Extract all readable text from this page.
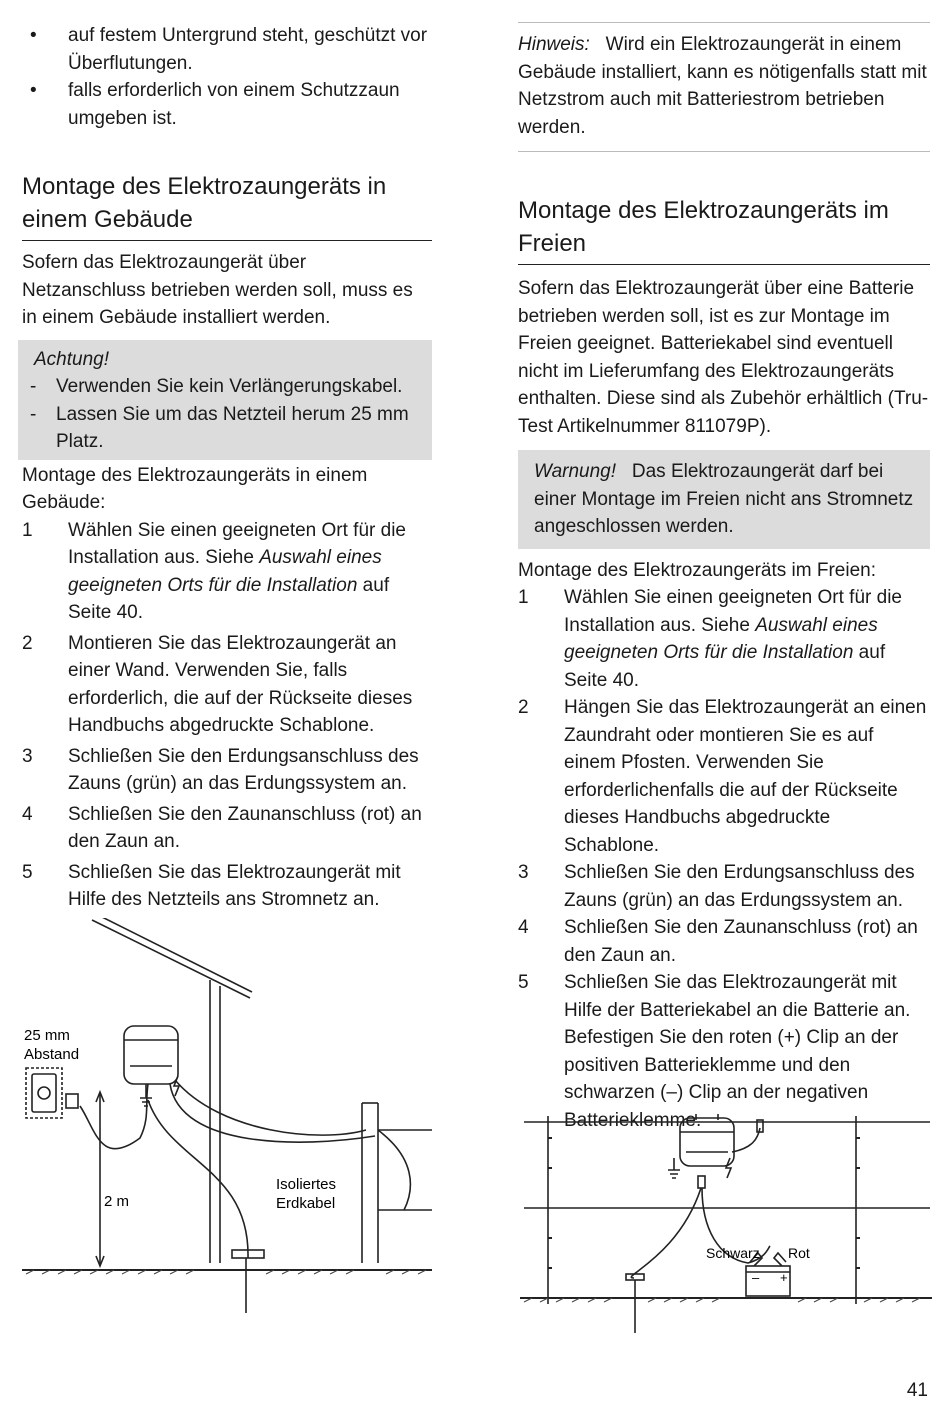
• auf festem Untergrund steht, geschützt vor Überflutungen.
• falls erforderlich von einem Schutzzaun umgeben ist.
Montage des Elektrozaungeräts in einem Gebäude

Sofern das Elektrozaungerät über Netzanschluss betrieben werden soll, muss es in einem Gebäude installiert werden.

Achtung!
- Verwenden Sie kein Verlängerungskabel.
- Lassen Sie um das Netzteil herum 25 mm Platz.

Montage des Elektrozaungeräts in einem Gebäude:

1 Wählen Sie einen geeigneten Ort für die Installation aus. Siehe Auswahl eines geeigneten Orts für die Installation auf Seite 40.
2 Montieren Sie das Elektrozaungerät an einer Wand. Verwenden Sie, falls erforderlich, die auf der Rückseite dieses Handbuchs abgedruckte Schablone.
3 Schließen Sie den Erdungsanschluss des Zauns (grün) an das Erdungssystem an.
4 Schließen Sie den Zaunanschluss (rot) an den Zaun an.
5 Schließen Sie das Elektrozaungerät mit Hilfe des Netzteils ans Stromnetz an.
25 mm
Abstand
2 m
Isoliertes
Erdkabel

Hinweis: Wird ein Elektrozaungerät in einem Gebäude installiert, kann es nötigenfalls statt mit Netzstrom auch mit Batteriestrom betrieben werden.

Montage des Elektrozaungeräts im Freien

Sofern das Elektrozaungerät über eine Batterie betrieben werden soll, ist es zur Montage im Freien geeignet. Batteriekabel sind eventuell nicht im Lieferumfang des Elektrozaungeräts enthalten. Diese sind als Zubehör erhältlich (Tru-Test Artikelnummer 811079P).

Warnung! Das Elektrozaungerät darf bei einer Montage im Freien nicht ans Stromnetz angeschlossen werden.

Montage des Elektrozaungeräts im Freien:

1 Wählen Sie einen geeigneten Ort für die Installation aus. Siehe Auswahl eines geeigneten Orts für die Installation auf Seite 40.
2 Hängen Sie das Elektrozaungerät an einen Zaundraht oder montieren Sie es auf einem Pfosten. Verwenden Sie erforderlichenfalls die auf der Rückseite dieses Handbuchs abgedruckte Schablone.
3 Schließen Sie den Erdungsanschluss des Zauns (grün) an das Erdungssystem an.
4 Schließen Sie den Zaunanschluss (rot) an den Zaun an.
5 Schließen Sie das Elektrozaungerät mit Hilfe der Batteriekabel an die Batterie an. Befestigen Sie den roten (+) Clip an der positiven Batterieklemme und den schwarzen (–) Clip an der negativen Batterieklemme.
Schwarz Rot
– +
41
